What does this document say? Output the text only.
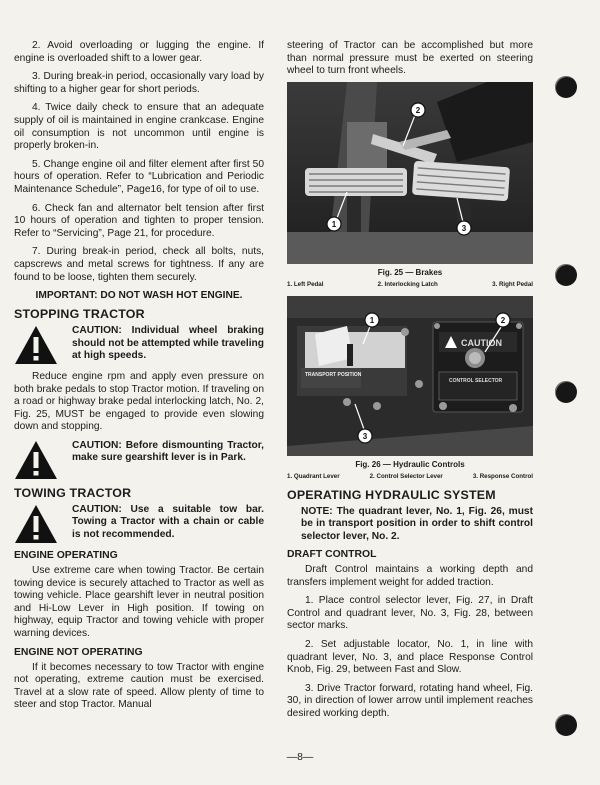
2. Avoid overloading or lugging the engine. If engine is overloaded shift to a lower gear.

3. During break-in period, occasionally vary load by shifting to a higher gear for short periods.

4. Twice daily check to ensure that an adequate supply of oil is maintained in engine crankcase. Engine oil consumption is not uncommon until engine is properly broken-in.

5. Change engine oil and filter element after first 50 hours of operation. Refer to “Lubrication and Periodic Maintenance Schedule”, Page16, for type of oil to use.

6. Check fan and alternator belt tension after first 10 hours of operation and tighten to proper tension. Refer to “Servicing”, Page 21, for procedure.

7. During break-in period, check all bolts, nuts, capscrews and metal screws for tightness. If any are found to be loose, tighten them securely.

IMPORTANT: DO NOT WASH HOT ENGINE.
STOPPING TRACTOR
CAUTION: Individual wheel braking should not be attempted while traveling at high speeds.

Reduce engine rpm and apply even pressure on both brake pedals to stop Tractor motion. If traveling on a road or highway brake pedal interlocking latch, No. 2, Fig. 25, MUST be engaged to provide even slowing down and stopping.

CAUTION: Before dismounting Tractor, make sure gearshift lever is in Park.
TOWING TRACTOR
CAUTION: Use a suitable tow bar. Towing a Tractor with a chain or cable is not recommended.
ENGINE OPERATING

Use extreme care when towing Tractor. Be certain towing device is securely attached to Tractor as well as towing vehicle. Place gearshift lever in neutral position and Hi-Low Lever in High position. If towing on highway, equip Tractor and towing vehicle with proper warning devices.

ENGINE NOT OPERATING

If it becomes necessary to tow Tractor with engine not operating, extreme caution must be exercised. Travel at a slow rate of speed. Allow plenty of time to steer and stop Tractor. Manual

steering of Tractor can be accomplished but more than normal pressure must be exerted on steering wheel to turn front wheels.

2
1	3
Fig. 25 — Brakes
1. Left Pedal	2. Interlocking Latch	3. Right Pedal
TRANSPORT POSITION
CAUTION
CONTROL SELECTOR
1	2
3
Fig. 26 — Hydraulic Controls
1. Quadrant Lever	2. Control Selector Lever	3. Response Control
OPERATING HYDRAULIC SYSTEM
NOTE: The quadrant lever, No. 1, Fig. 26, must be in transport position in order to shift control selector lever, No. 2.
DRAFT CONTROL

Draft Control maintains a working depth and transfers implement weight for added traction.

1. Place control selector lever, Fig. 27, in Draft Control and quadrant lever, No. 3, Fig. 28, between sector marks.

2. Set adjustable locator, No. 1, in line with quadrant lever, No. 3, and place Response Control Knob, Fig. 29, between Fast and Slow.

3. Drive Tractor forward, rotating hand wheel, Fig. 30, in direction of lower arrow until implement reaches desired working depth.

—8—
